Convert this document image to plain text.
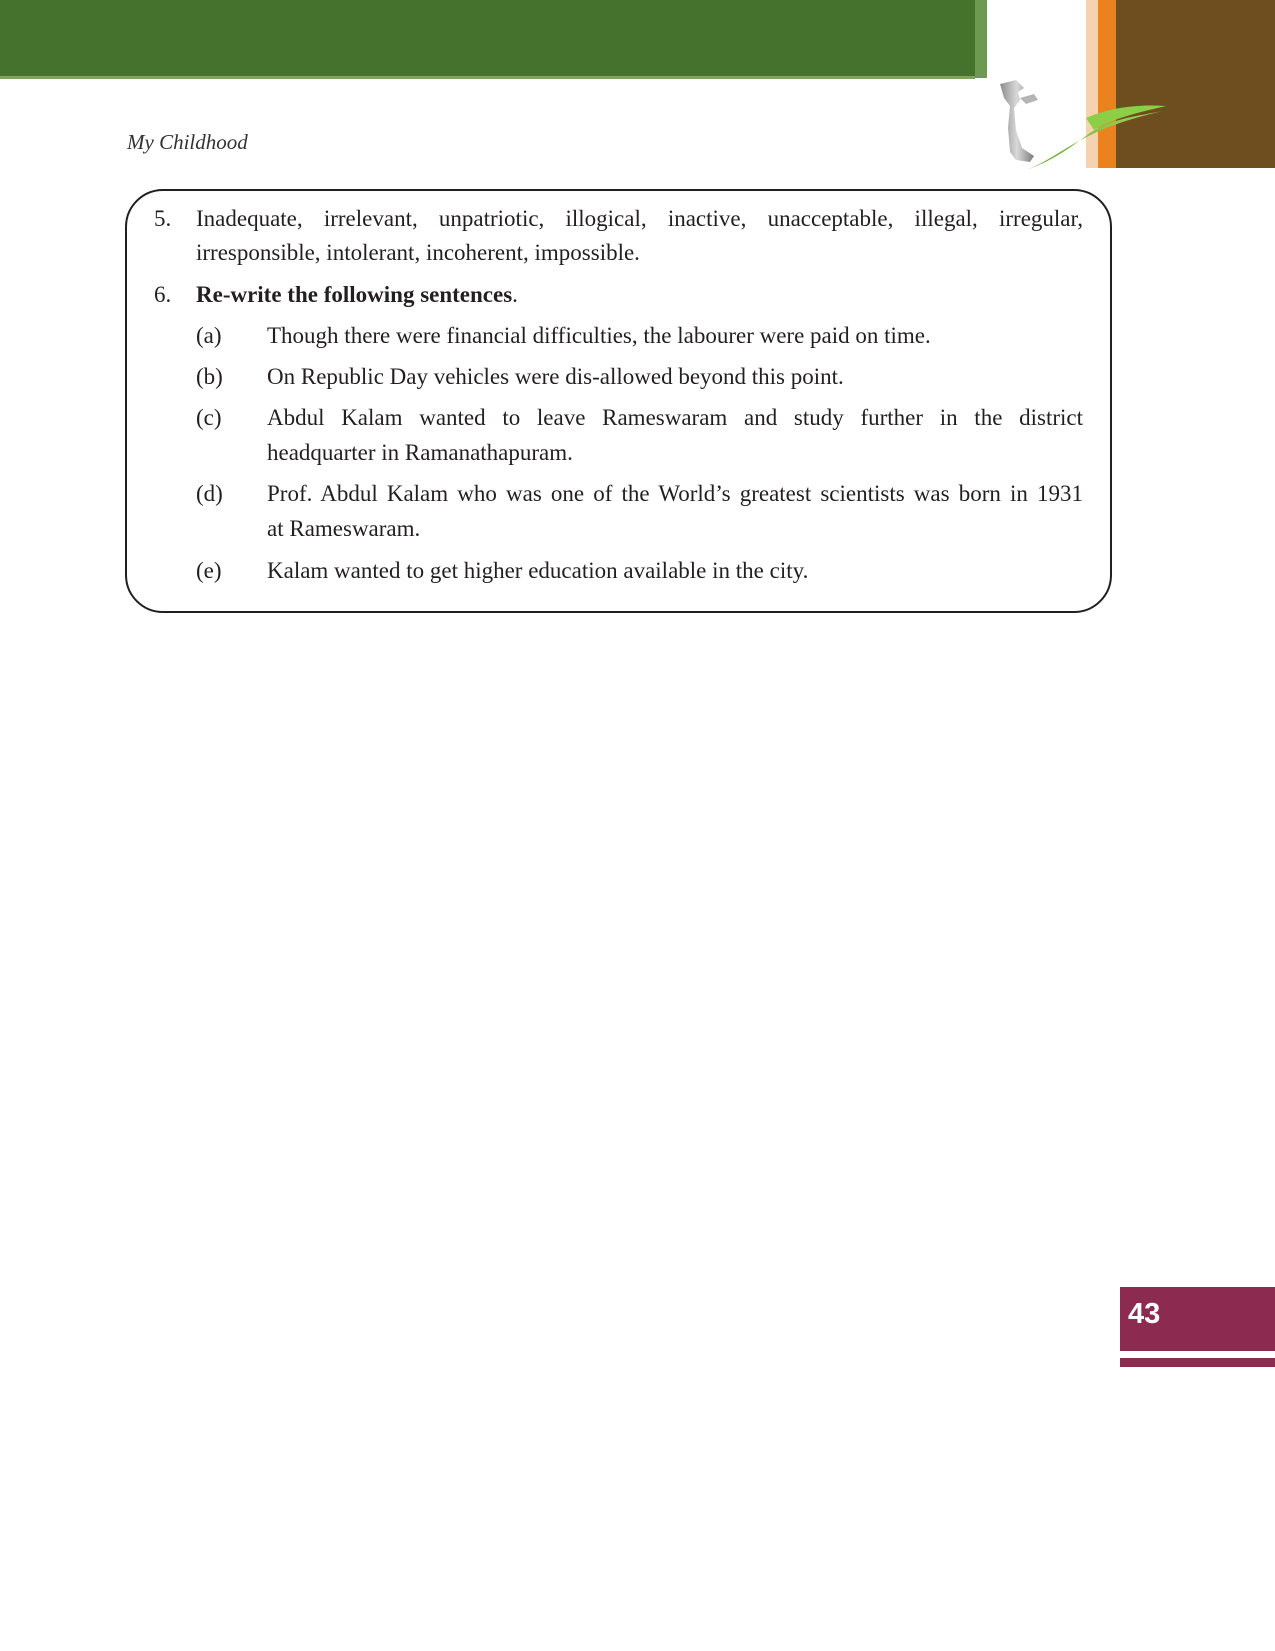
My Childhood
5. Inadequate, irrelevant, unpatriotic, illogical, inactive, unacceptable, illegal, irregular,
irresponsible, intolerant, incoherent, impossible.
6. Re-write the following sentences.
(a) Though there were financial difficulties, the labourer were paid on time.
(b) On Republic Day vehicles were dis-allowed beyond this point.
(c) Abdul Kalam wanted to leave Rameswaram and study further in the district
headquarter in Ramanathapuram.
(d) Prof. Abdul Kalam who was one of the World’s greatest scientists was born in 1931
at Rameswaram.
(e) Kalam wanted to get higher education available in the city.
43
